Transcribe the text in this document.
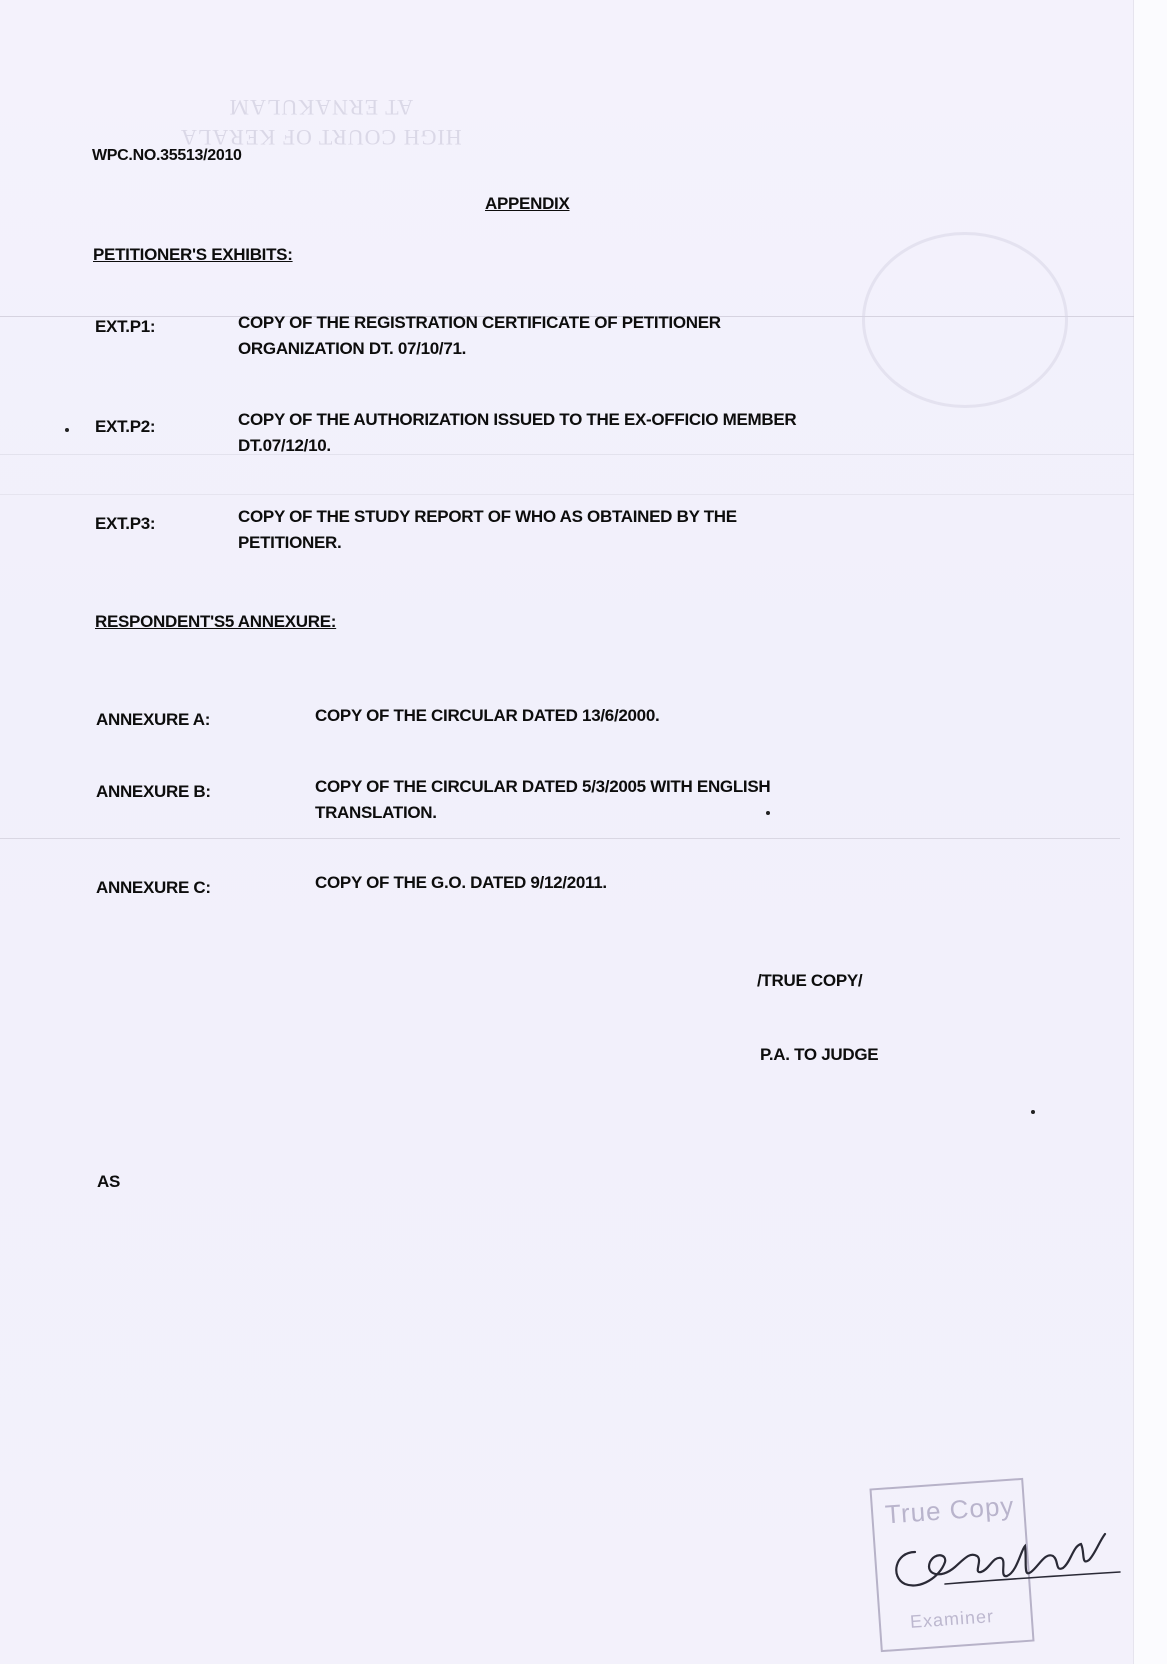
HIGH COURT OF KERALA
AT ERNAKULAM
WPC.NO.35513/2010
APPENDIX
PETITIONER'S EXHIBITS:
EXT.P1:	COPY OF THE REGISTRATION CERTIFICATE OF PETITIONER
ORGANIZATION DT. 07/10/71.
EXT.P2:	COPY OF THE AUTHORIZATION ISSUED TO THE EX-OFFICIO MEMBER
DT.07/12/10.
EXT.P3:	COPY OF THE STUDY REPORT OF WHO AS OBTAINED BY THE
PETITIONER.
RESPONDENT'S5 ANNEXURE:
ANNEXURE A:	COPY OF THE CIRCULAR DATED 13/6/2000.
ANNEXURE B:	COPY OF THE CIRCULAR DATED 5/3/2005 WITH ENGLISH
TRANSLATION.
ANNEXURE C:	COPY OF THE G.O. DATED 9/12/2011.
/TRUE COPY/
P.A. TO JUDGE
AS
True Copy
Examiner
